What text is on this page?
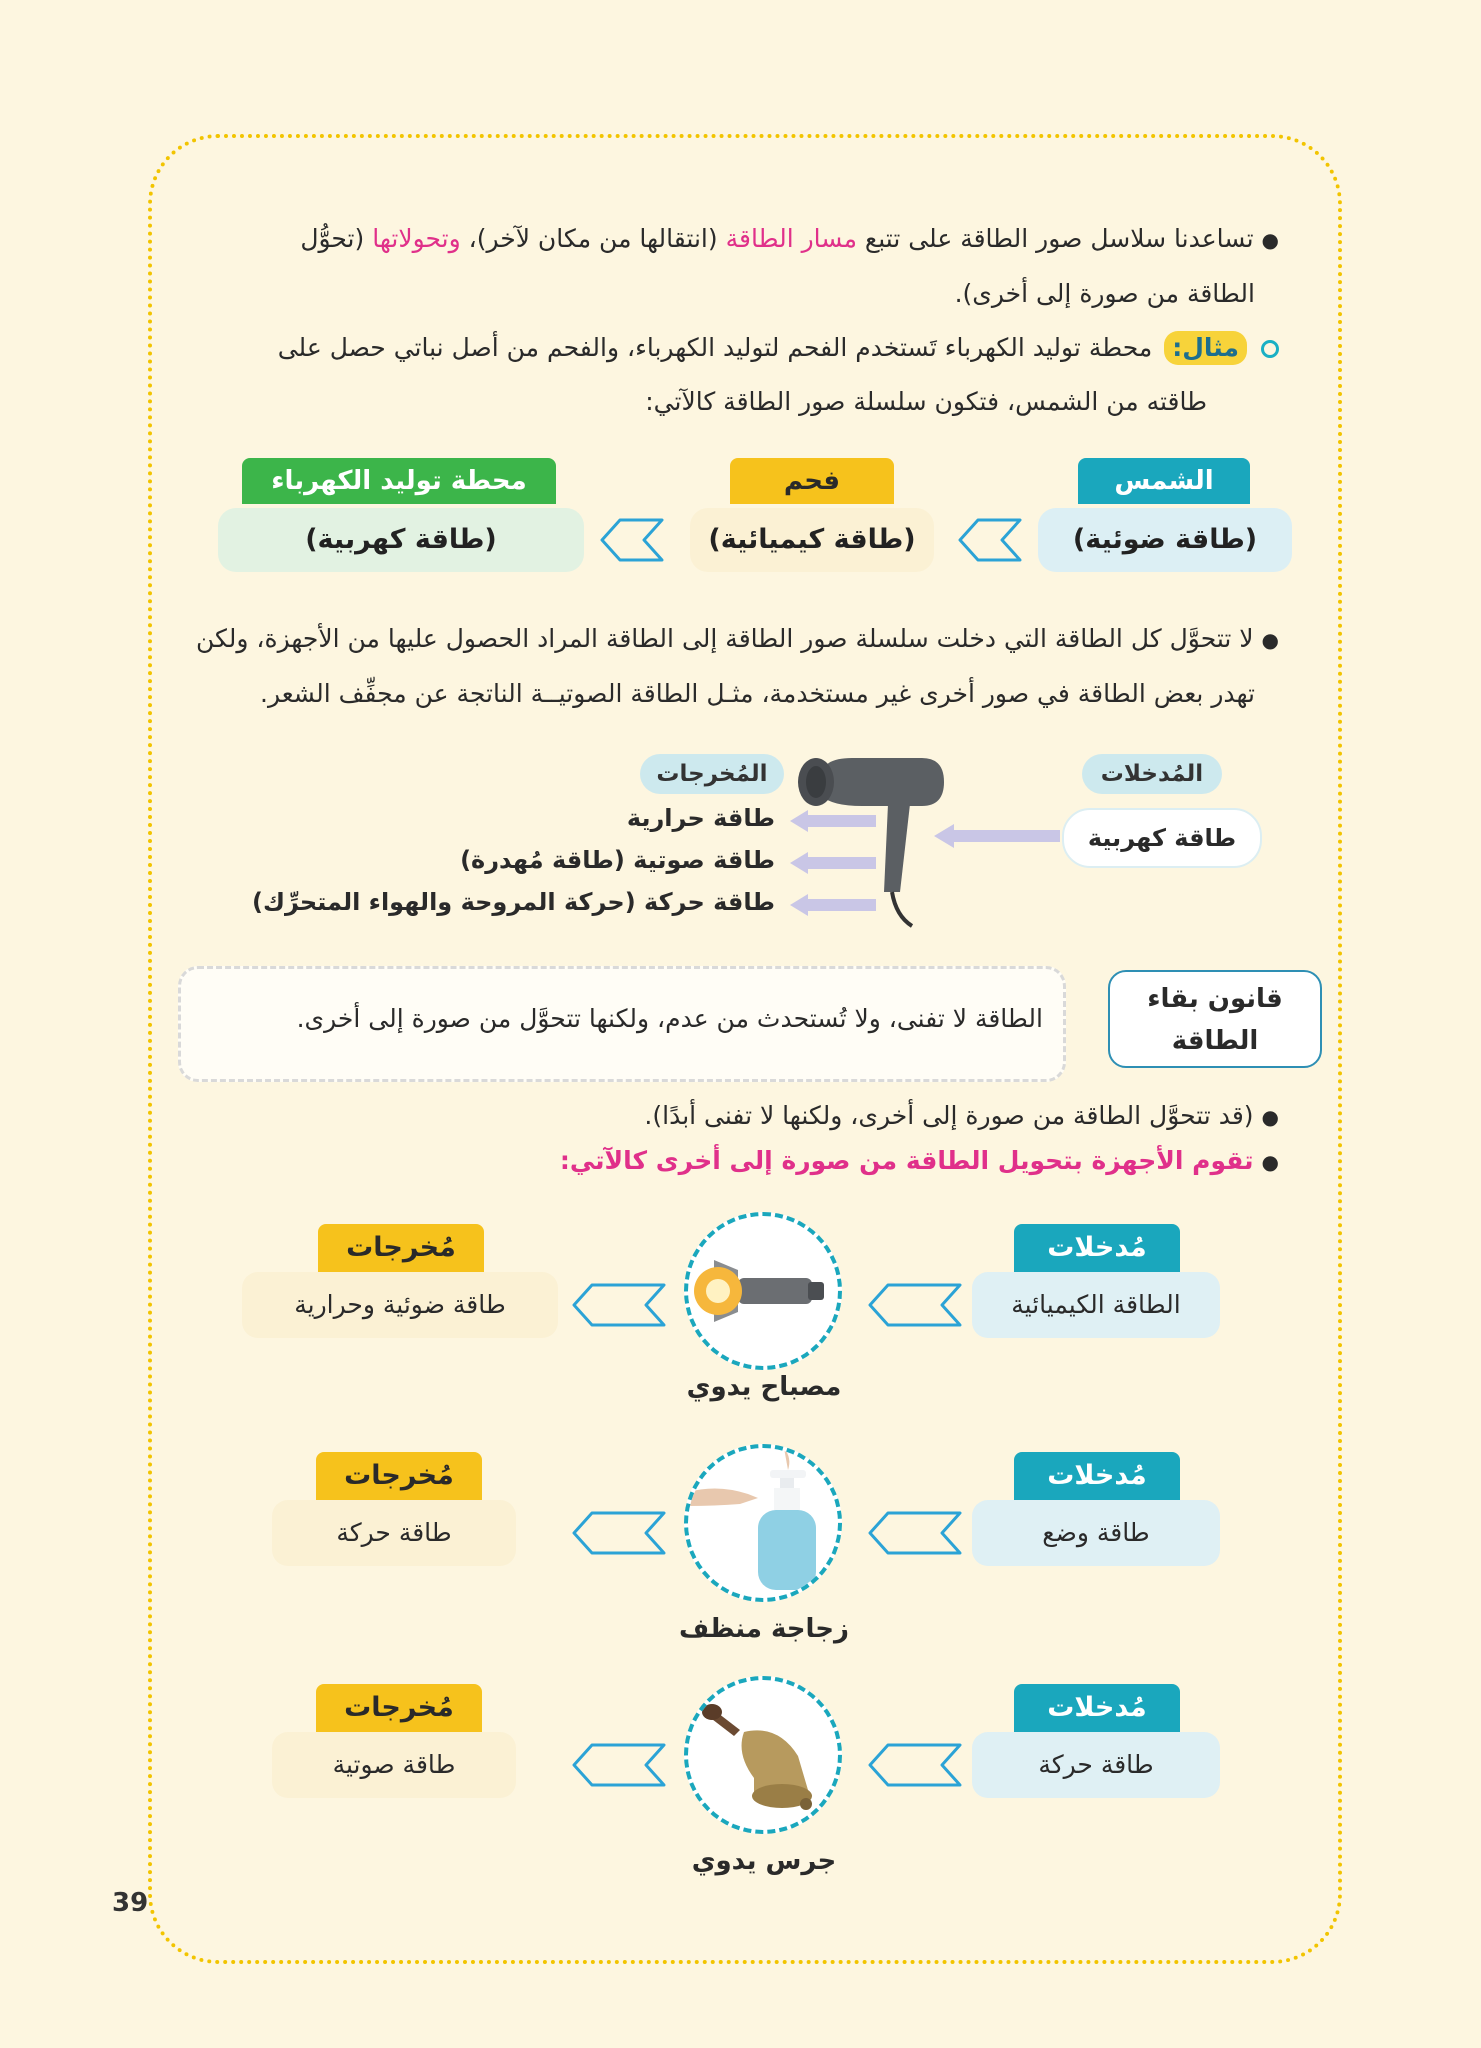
●تساعدنا سلاسل صور الطاقة على تتبع مسار الطاقة (انتقالها من مكان لآخر)، وتحولاتها (تحوُّل
الطاقة من صورة إلى أخرى).
مثال: محطة توليد الكهرباء تَستخدم الفحم لتوليد الكهرباء، والفحم من أصل نباتي حصل على
طاقته من الشمس، فتكون سلسلة صور الطاقة كالآتي:
الشمس
(طاقة ضوئية)
فحم
(طاقة كيميائية)
محطة توليد الكهرباء
(طاقة كهربية)
●لا تتحوَّل كل الطاقة التي دخلت سلسلة صور الطاقة إلى الطاقة المراد الحصول عليها من الأجهزة، ولكن
تهدر بعض الطاقة في صور أخرى غير مستخدمة، مثـل الطاقة الصوتيــة الناتجة عن مجفِّف الشعر.
المُدخلات
طاقة كهربية
المُخرجات
طاقة حرارية
طاقة صوتية (طاقة مُهدرة)
طاقة حركة (حركة المروحة والهواء المتحرِّك)
الطاقة لا تفنى، ولا تُستحدث من عدم، ولكنها تتحوَّل من صورة إلى أخرى.
قانون بقاء
الطاقة
●(قد تتحوَّل الطاقة من صورة إلى أخرى، ولكنها لا تفنى أبدًا).
●تقوم الأجهزة بتحويل الطاقة من صورة إلى أخرى كالآتي:
مُدخلات
الطاقة الكيميائية
مُخرجات
طاقة ضوئية وحرارية
مصباح يدوي
مُدخلات
طاقة وضع
مُخرجات
طاقة حركة
زجاجة منظف
مُدخلات
طاقة حركة
مُخرجات
طاقة صوتية
جرس يدوي
39
